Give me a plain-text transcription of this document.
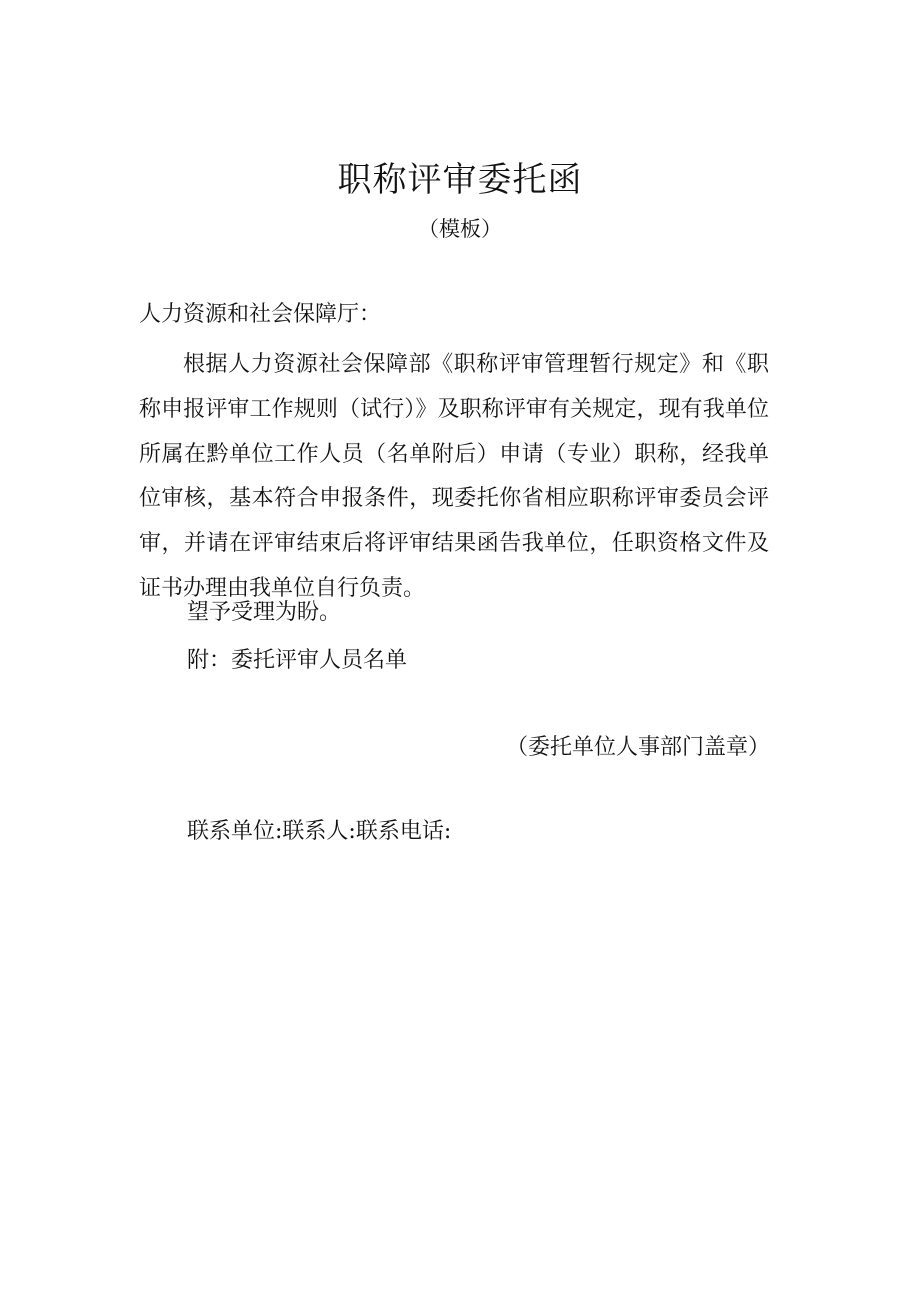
职称评审委托函
（模板）
人力资源和社会保障厅：

根据人力资源社会保障部《职称评审管理暂行规定》和《职称申报评审工作规则（试行）》及职称评审有关规定，现有我单位所属在黔单位工作人员（名单附后）申请（专业）职称，经我单位审核，基本符合申报条件，现委托你省相应职称评审委员会评审，并请在评审结束后将评审结果函告我单位，任职资格文件及证书办理由我单位自行负责。

望予受理为盼。
附：委托评审人员名单
（委托单位人事部门盖章）
联系单位:联系人:联系电话:
